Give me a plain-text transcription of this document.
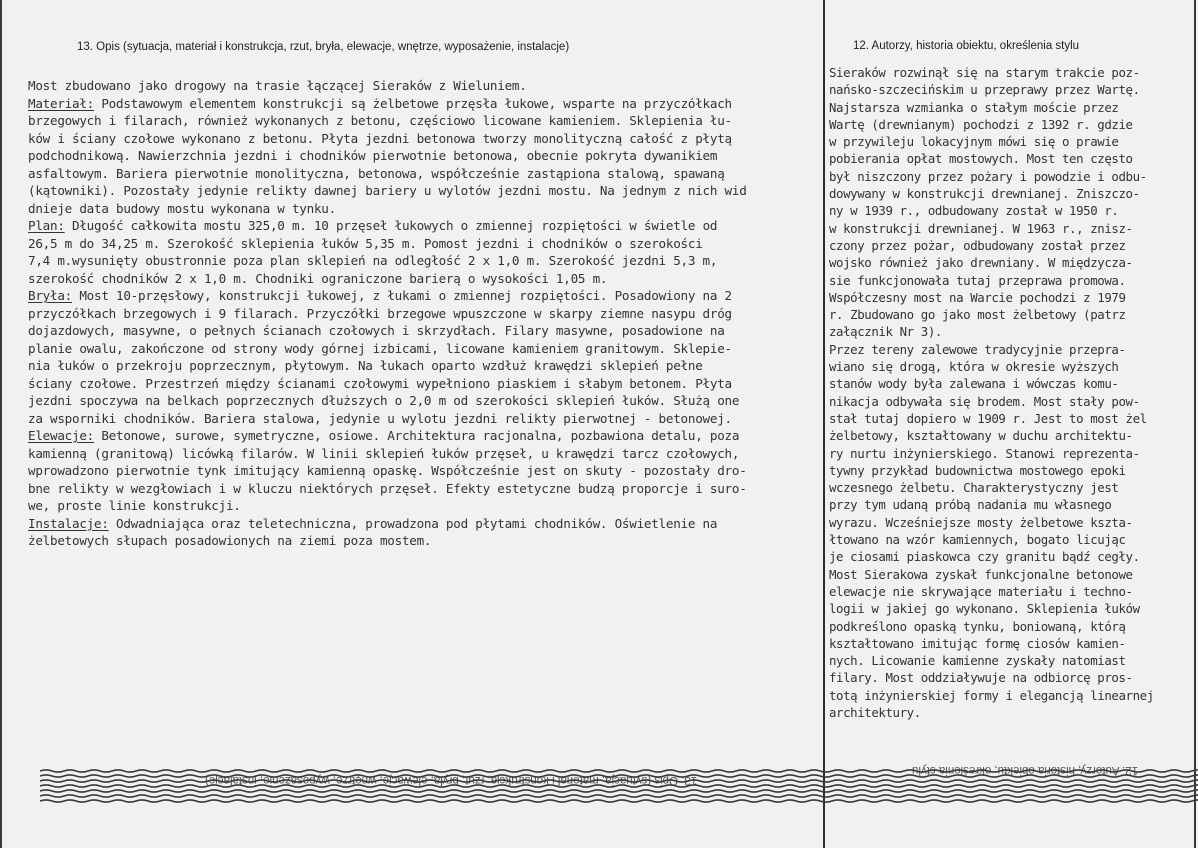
13. Opis (sytuacja, materiał i konstrukcja, rzut, bryła, elewacje, wnętrze, wyposażenie, instalacje)	12. Autorzy, historia obiektu, określenia stylu
Most zbudowano jako drogowy na trasie łączącej Sieraków z Wieluniem.
Materiał: Podstawowym elementem konstrukcji są żelbetowe przęsła łukowe, wsparte na przyczółkach
brzegowych i filarach, również wykonanych z betonu, częściowo licowane kamieniem. Sklepienia łu-
ków i ściany czołowe wykonano z betonu. Płyta jezdni betonowa tworzy monolityczną całość z płytą
podchodnikową. Nawierzchnia jezdni i chodników pierwotnie betonowa, obecnie pokryta dywanikiem
asfaltowym. Bariera pierwotnie monolityczna, betonowa, współcześnie zastąpiona stalową, spawaną
(kątowniki). Pozostały jedynie relikty dawnej bariery u wylotów jezdni mostu. Na jednym z nich wid
dnieje data budowy mostu wykonana w tynku.
Plan: Długość całkowita mostu 325,0 m. 10 przęseł łukowych o zmiennej rozpiętości w świetle od
26,5 m do 34,25 m. Szerokość sklepienia łuków 5,35 m. Pomost jezdni i chodników o szerokości
7,4 m.wysunięty obustronnie poza plan sklepień na odległość 2 x 1,0 m. Szerokość jezdni 5,3 m,
szerokość chodników 2 x 1,0 m. Chodniki ograniczone barierą o wysokości 1,05 m.
Bryła: Most 10-przęsłowy, konstrukcji łukowej, z łukami o zmiennej rozpiętości. Posadowiony na 2
przyczółkach brzegowych i 9 filarach. Przyczółki brzegowe wpuszczone w skarpy ziemne nasypu dróg
dojazdowych, masywne, o pełnych ścianach czołowych i skrzydłach. Filary masywne, posadowione na
planie owalu, zakończone od strony wody górnej izbicami, licowane kamieniem granitowym. Sklepie-
nia łuków o przekroju poprzecznym, płytowym. Na łukach oparto wzdłuż krawędzi sklepień pełne
ściany czołowe. Przestrzeń między ścianami czołowymi wypełniono piaskiem i słabym betonem. Płyta
jezdni spoczywa na belkach poprzecznych dłuższych o 2,0 m od szerokości sklepień łuków. Służą one
za wsporniki chodników. Bariera stalowa, jedynie u wylotu jezdni relikty pierwotnej - betonowej.
Elewacje: Betonowe, surowe, symetryczne, osiowe. Architektura racjonalna, pozbawiona detalu, poza
kamienną (granitową) licówką filarów. W linii sklepień łuków przęseł, u krawędzi tarcz czołowych,
wprowadzono pierwotnie tynk imitujący kamienną opaskę. Współcześnie jest on skuty - pozostały dro-
bne relikty w wezgłowiach i w kluczu niektórych przęseł. Efekty estetyczne budzą proporcje i suro-
we, proste linie konstrukcji.
Instalacje: Odwadniająca oraz teletechniczna, prowadzona pod płytami chodników. Oświetlenie na
żelbetowych słupach posadowionych na ziemi poza mostem.
Sieraków rozwinął się na starym trakcie poz-
nańsko-szczecińskim u przeprawy przez Wartę.
Najstarsza wzmianka o stałym moście przez
Wartę (drewnianym) pochodzi z 1392 r. gdzie
w przywileju lokacyjnym mówi się o prawie
pobierania opłat mostowych. Most ten często
był niszczony przez pożary i powodzie i odbu-
dowywany w konstrukcji drewnianej. Zniszczo-
ny w 1939 r., odbudowany został w 1950 r.
w konstrukcji drewnianej. W 1963 r., znisz-
czony przez pożar, odbudowany został przez
wojsko również jako drewniany. W międzycza-
sie funkcjonowała tutaj przeprawa promowa.
Współczesny most na Warcie pochodzi z 1979
r. Zbudowano go jako most żelbetowy (patrz
załącznik Nr 3).
Przez tereny zalewowe tradycyjnie przepra-
wiano się drogą, która w okresie wyższych
stanów wody była zalewana i wówczas komu-
nikacja odbywała się brodem. Most stały pow-
stał tutaj dopiero w 1909 r. Jest to most żel
żelbetowy, kształtowany w duchu architektu-
ry nurtu inżynierskiego. Stanowi reprezenta-
tywny przykład budownictwa mostowego epoki
wczesnego żelbetu. Charakterystyczny jest
przy tym udaną próbą nadania mu własnego
wyrazu. Wcześniejsze mosty żelbetowe kszta-
łtowano na wzór kamiennych, bogato licując
je ciosami piaskowca czy granitu bądź cegły.
Most Sierakowa zyskał funkcjonalne betonowe
elewacje nie skrywające materiału i techno-
logii w jakiej go wykonano. Sklepienia łuków
podkreślono opaską tynku, boniowaną, którą
kształtowano imitując formę ciosów kamien-
nych. Licowanie kamienne zyskały natomiast
filary. Most oddziaływuje na odbiorcę pros-
totą inżynierskiej formy i elegancją linearnej
architektury.
13. Opis (sytuacja, materiał i konstrukcja, rzut, bryła, elewacje, wnętrze, wyposażenie, instalacje)
12. Autorzy, historia obiektu, określenia stylu
